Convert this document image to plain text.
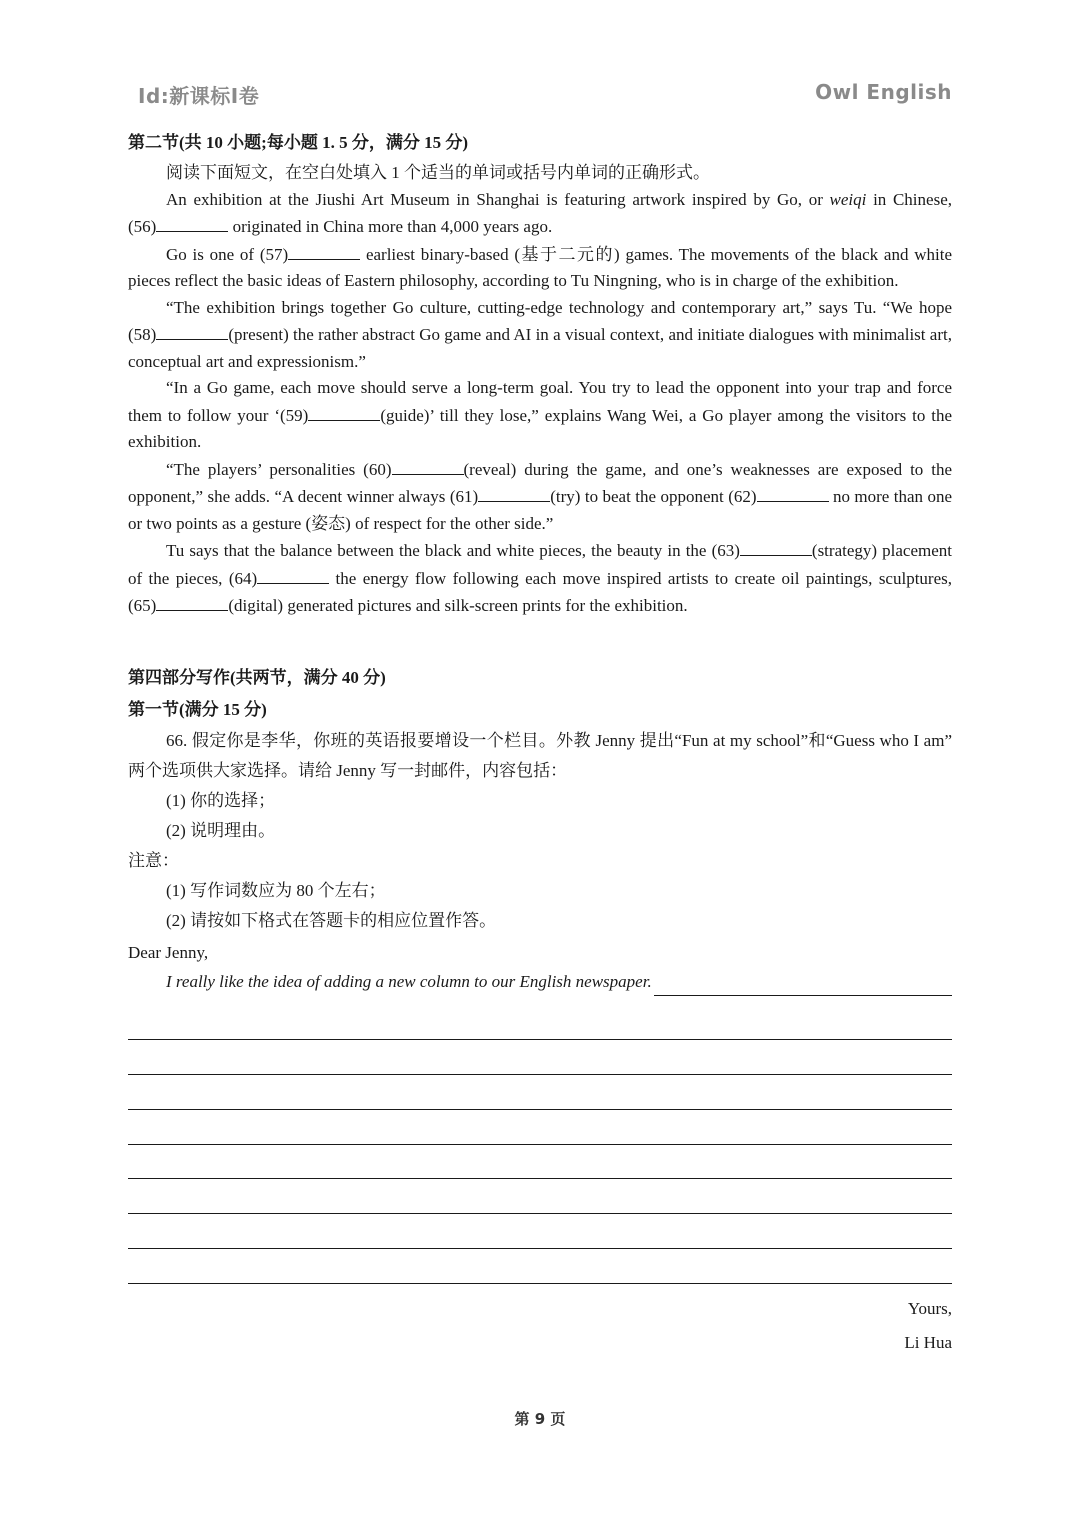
Id:新课标I卷	Owl English

第二节(共 10 小题;每小题 1. 5 分，满分 15 分)

阅读下面短文，在空白处填入 1 个适当的单词或括号内单词的正确形式。

An exhibition at the Jiushi Art Museum in Shanghai is featuring artwork inspired by Go, or weiqi in Chinese, (56)	originated in China more than 4,000 years ago.

Go is one of (57)	earliest binary-based (基于二元的) games. The movements of the black and white pieces reflect the basic ideas of Eastern philosophy, according to Tu Ningning, who is in charge of the exhibition.

“The exhibition brings together Go culture, cutting-edge technology and contemporary art,” says Tu. “We hope (58)	(present) the rather abstract Go game and AI in a visual context, and initiate dialogues with minimalist art, conceptual art and expressionism.”

“In a Go game, each move should serve a long-term goal. You try to lead the opponent into your trap and force them to follow your ‘(59)	(guide)’ till they lose,” explains Wang Wei, a Go player among the visitors to the exhibition.

“The players’ personalities (60)	(reveal) during the game, and one’s weaknesses are exposed to the opponent,” she adds. “A decent winner always (61)	(try) to beat the opponent (62)	no more than one or two points as a gesture (姿态) of respect for the other side.”

Tu says that the balance between the black and white pieces, the beauty in the (63)	(strategy) placement of the pieces, (64)	the energy flow following each move inspired artists to create oil paintings, sculptures, (65)	(digital) generated pictures and silk-screen prints for the exhibition.

第四部分写作(共两节，满分 40 分)

第一节(满分 15 分)

66. 假定你是李华，你班的英语报要增设一个栏目。外教 Jenny 提出“Fun at my school”和“Guess who I am” 两个选项供大家选择。请给 Jenny 写一封邮件，内容包括：

(1) 你的选择；

(2) 说明理由。

注意：

(1) 写作词数应为 80 个左右；

(2) 请按如下格式在答题卡的相应位置作答。

Dear Jenny,

I really like the idea of adding a new column to our English newspaper.

Yours,

Li Hua

第 9 页
